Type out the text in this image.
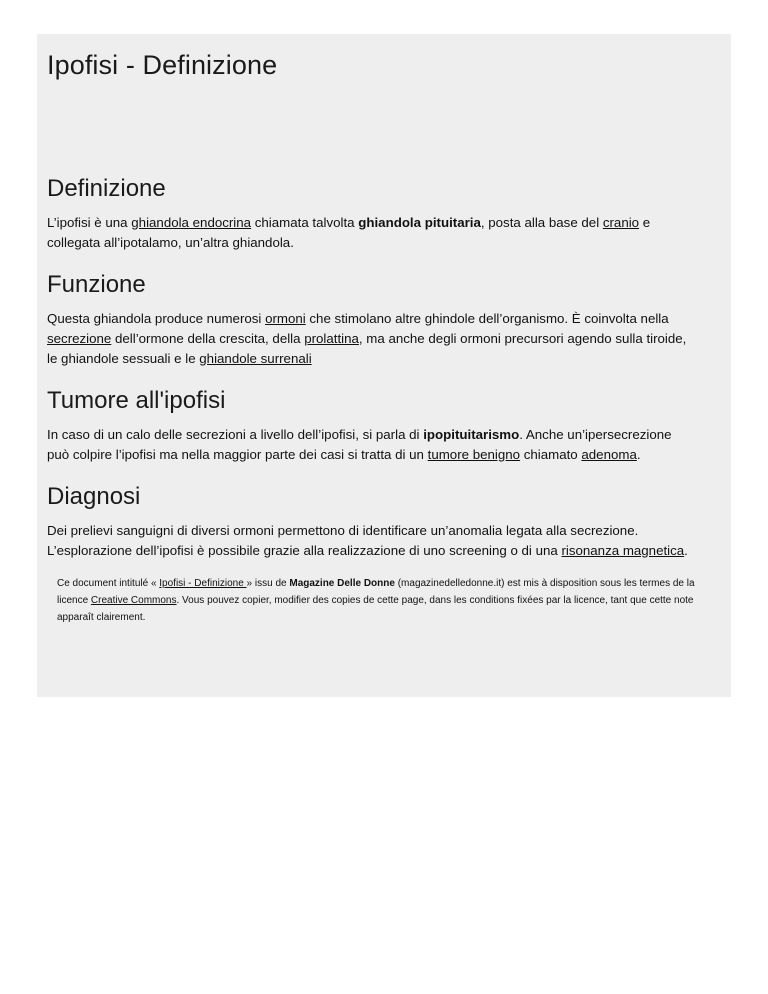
Ipofisi - Definizione
Definizione

L’ipofisi è una ghiandola endocrina chiamata talvolta ghiandola pituitaria, posta alla base del cranio e collegata all’ipotalamo, un’altra ghiandola.

Funzione

Questa ghiandola produce numerosi ormoni che stimolano altre ghindole dell’organismo. È coinvolta nella secrezione dell’ormone della crescita, della prolattina, ma anche degli ormoni precursori agendo sulla tiroide, le ghiandole sessuali e le ghiandole surrenali

Tumore all'ipofisi

In caso di un calo delle secrezioni a livello dell’ipofisi, si parla di ipopituitarismo. Anche un’ipersecrezione può colpire l’ipofisi ma nella maggior parte dei casi si tratta di un tumore benigno chiamato adenoma.

Diagnosi

Dei prelievi sanguigni di diversi ormoni permettono di identificare un’anomalia legata alla secrezione. L’esplorazione dell’ipofisi è possibile grazie alla realizzazione di uno screening o di una risonanza magnetica.

Ce document intitulé « Ipofisi - Definizione » issu de Magazine Delle Donne (magazinedelledonne.it) est mis à disposition sous les termes de la licence Creative Commons. Vous pouvez copier, modifier des copies de cette page, dans les conditions fixées par la licence, tant que cette note apparaît clairement.
